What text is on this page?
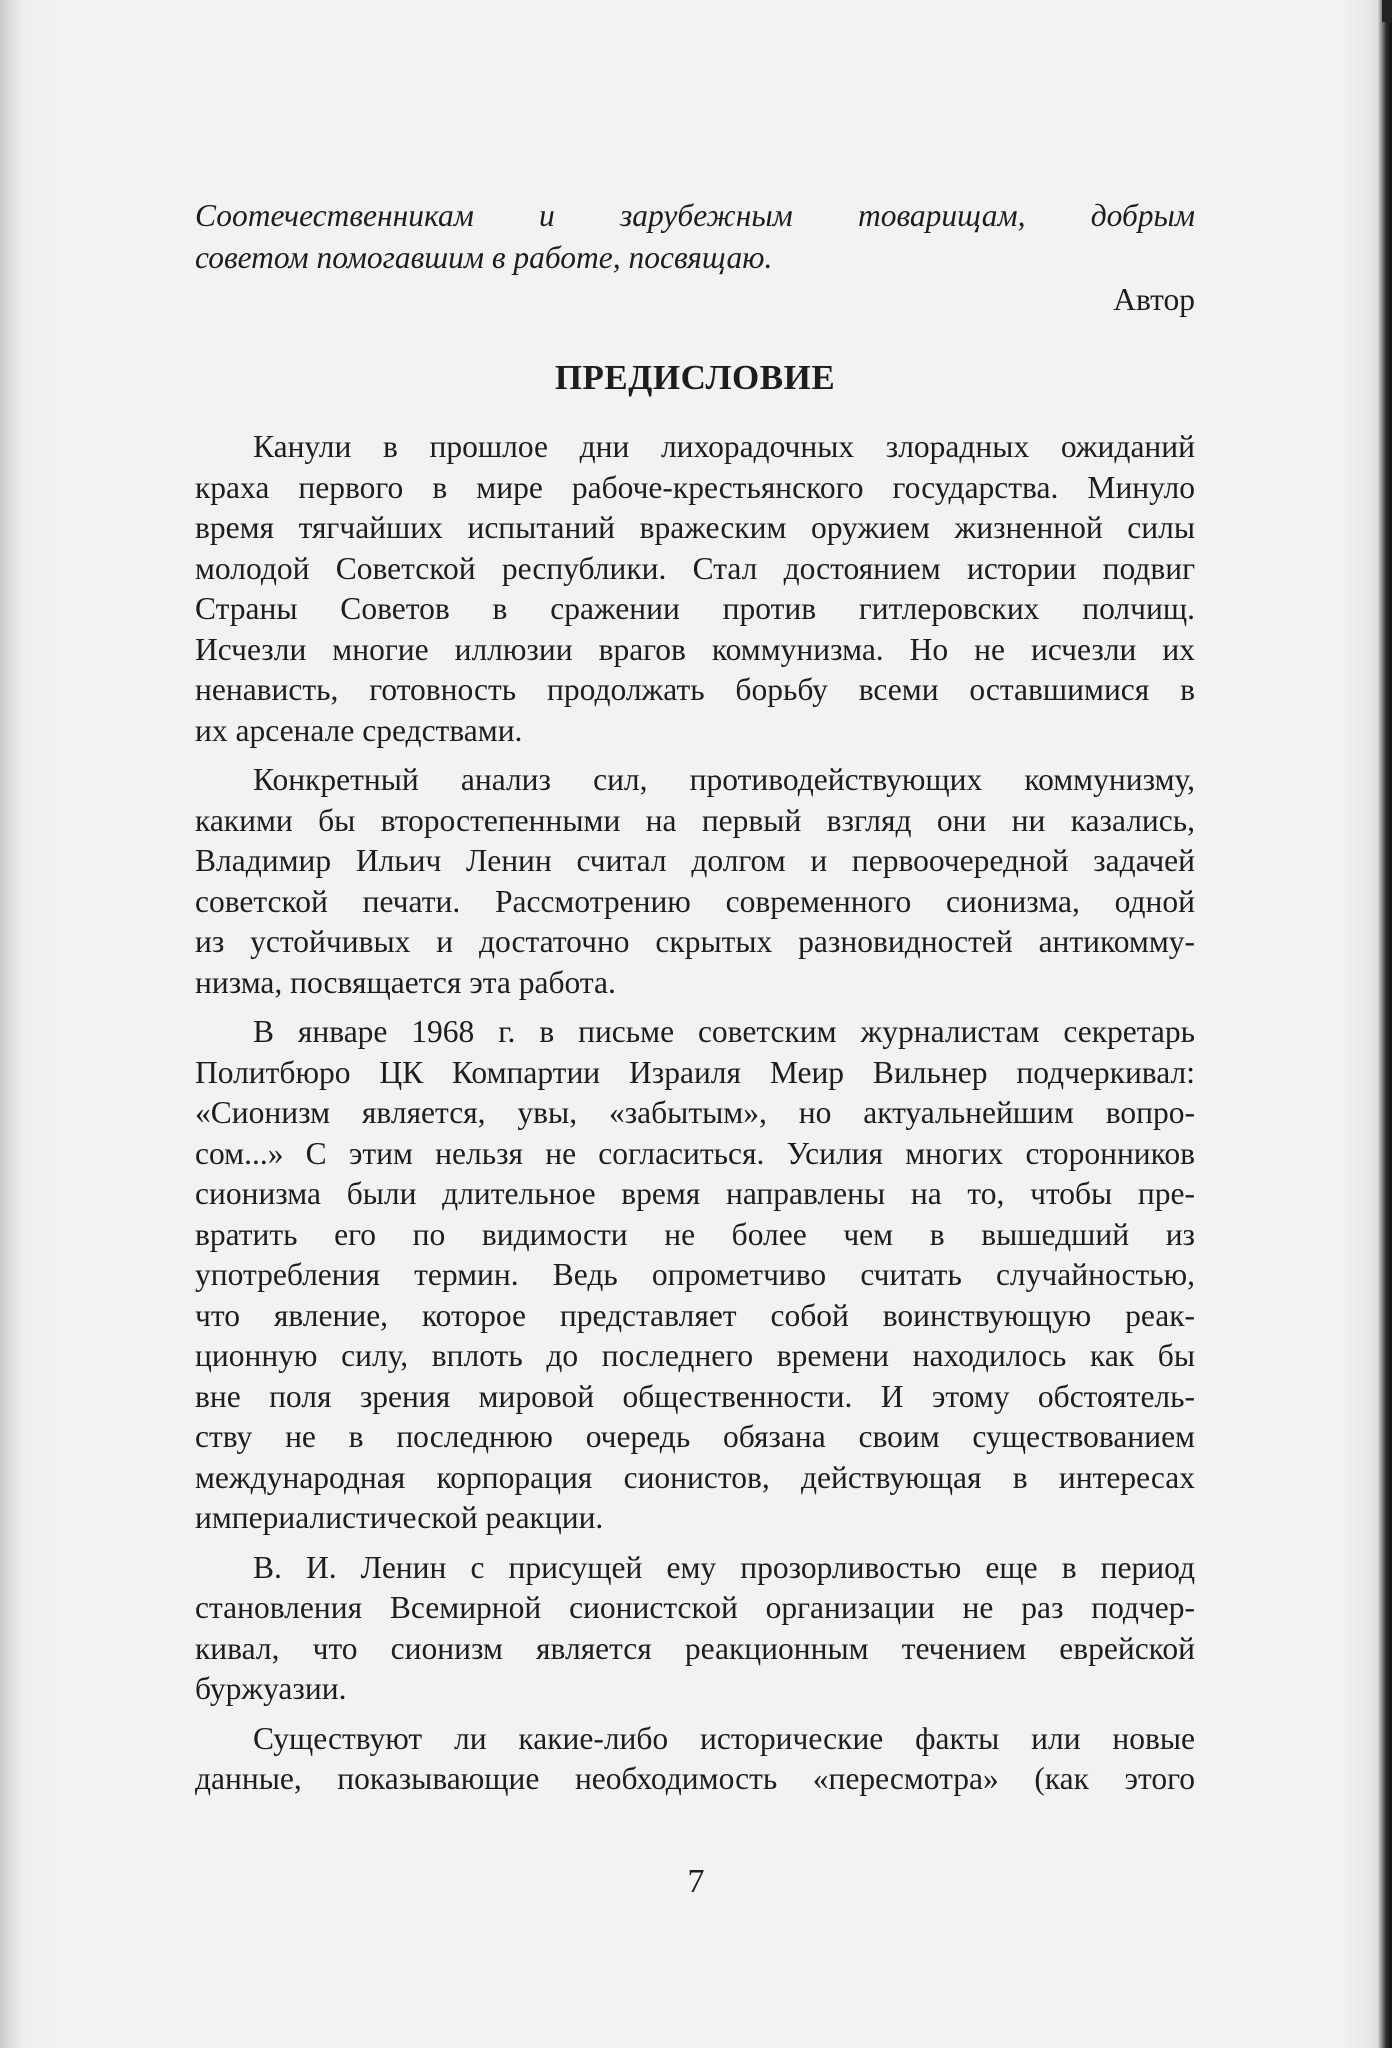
Соотечественникам и зарубежным товарищам, добрым
советом помогавшим в работе, посвящаю.

Автор

ПРЕДИСЛОВИЕ
Канули в прошлое дни лихорадочных злорадных ожиданий
краха первого в мире рабоче-крестьянского государства. Минуло
время тягчайших испытаний вражеским оружием жизненной силы
молодой Советской республики. Стал достоянием истории подвиг
Страны Советов в сражении против гитлеровских полчищ.
Исчезли многие иллюзии врагов коммунизма. Но не исчезли их
ненависть, готовность продолжать борьбу всеми оставшимися в
их арсенале средствами.
Конкретный анализ сил, противодействующих коммунизму,
какими бы второстепенными на первый взгляд они ни казались,
Владимир Ильич Ленин считал долгом и первоочередной задачей
советской печати. Рассмотрению современного сионизма, одной
из устойчивых и достаточно скрытых разновидностей антикомму-
низма, посвящается эта работа.
В январе 1968 г. в письме советским журналистам секретарь
Политбюро ЦК Компартии Израиля Меир Вильнер подчеркивал:
«Сионизм является, увы, «забытым», но актуальнейшим вопро-
сом...» С этим нельзя не согласиться. Усилия многих сторонников
сионизма были длительное время направлены на то, чтобы пре-
вратить его по видимости не более чем в вышедший из
употребления термин. Ведь опрометчиво считать случайностью,
что явление, которое представляет собой воинствующую реак-
ционную силу, вплоть до последнего времени находилось как бы
вне поля зрения мировой общественности. И этому обстоятель-
ству не в последнюю очередь обязана своим существованием
международная корпорация сионистов, действующая в интересах
империалистической реакции.
В. И. Ленин с присущей ему прозорливостью еще в период
становления Всемирной сионистской организации не раз подчер-
кивал, что сионизм является реакционным течением еврейской
буржуазии.
Существуют ли какие-либо исторические факты или новые
данные, показывающие необходимость «пересмотра» (как этого
7
